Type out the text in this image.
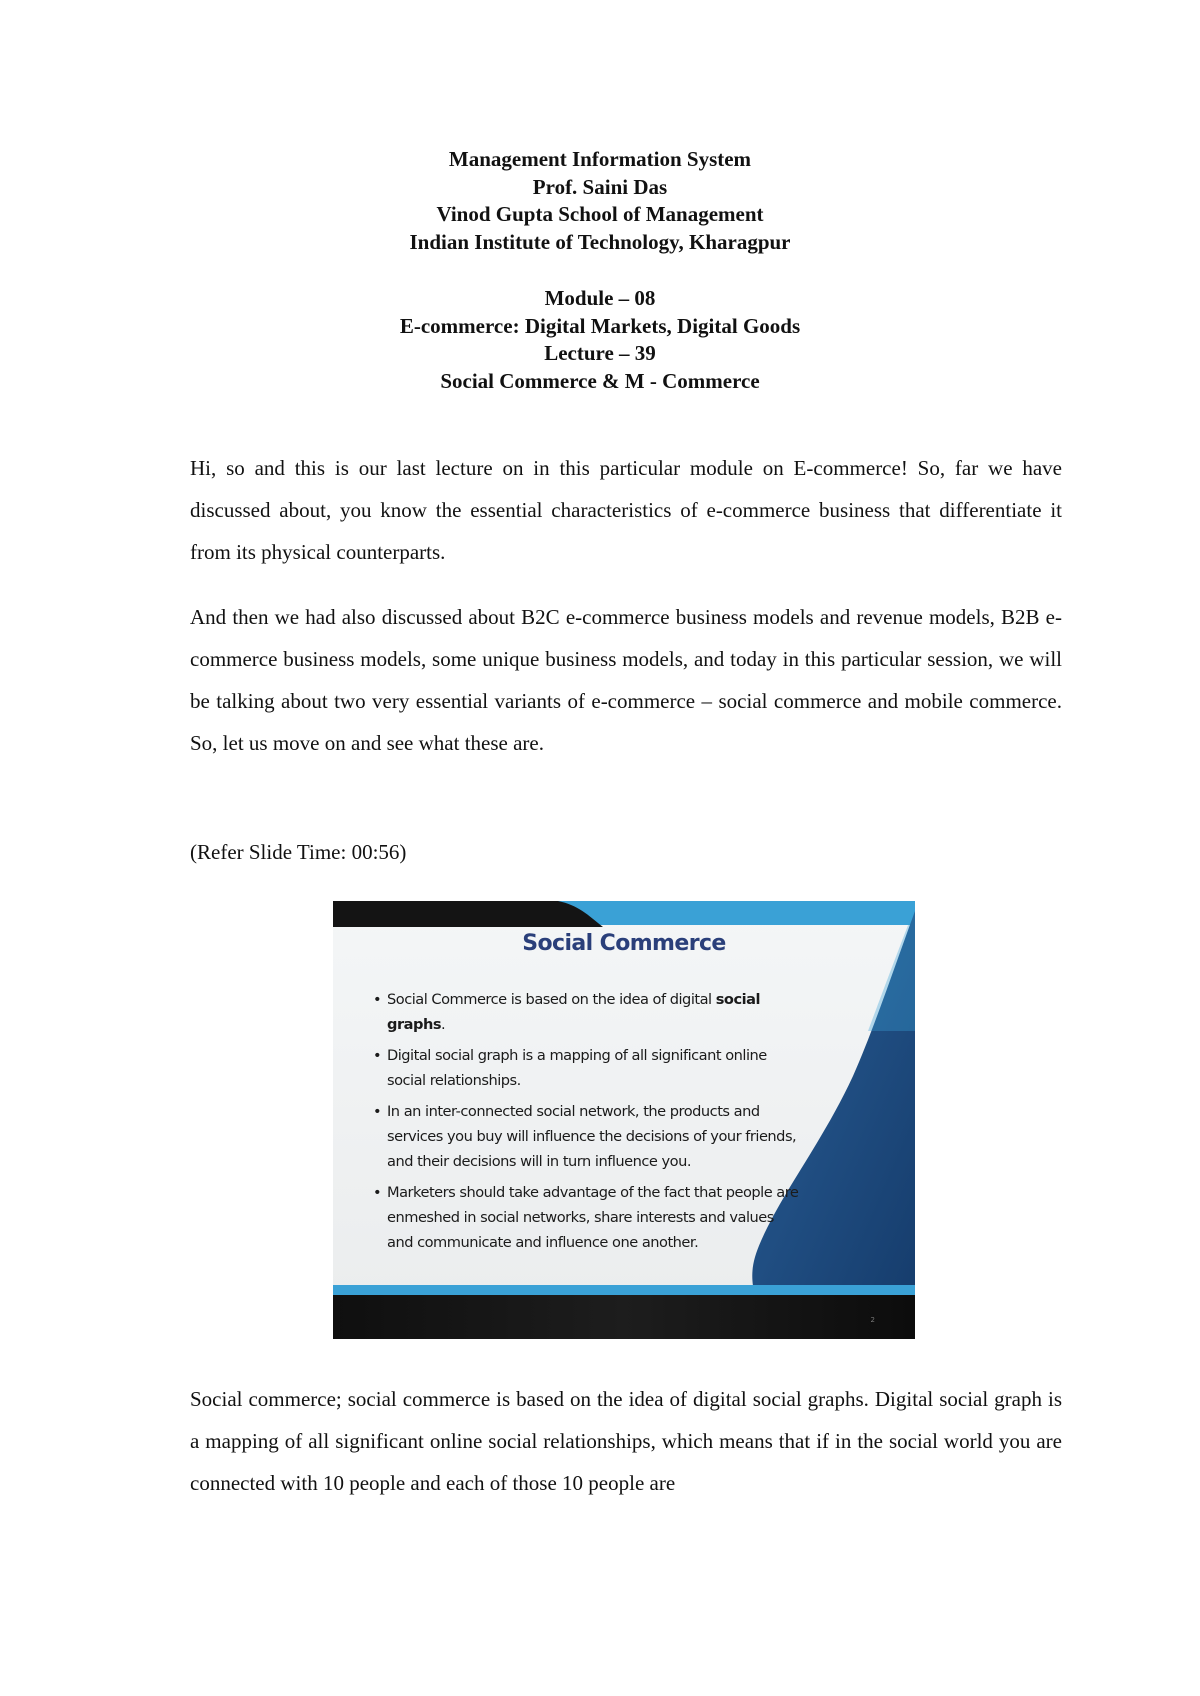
Management Information System
Prof. Saini Das
Vinod Gupta School of Management
Indian Institute of Technology, Kharagpur
Module – 08
E-commerce: Digital Markets, Digital Goods
Lecture – 39
Social Commerce & M - Commerce

Hi, so and this is our last lecture on in this particular module on E-commerce! So, far we have discussed about, you know the essential characteristics of e-commerce business that differentiate it from its physical counterparts.

And then we had also discussed about B2C e-commerce business models and revenue models, B2B e-commerce business models, some unique business models, and today in this particular session, we will be talking about two very essential variants of e-commerce – social commerce and mobile commerce. So, let us move on and see what these are.

(Refer Slide Time: 00:56)

Social Commerce
• Social Commerce is based on the idea of digital social graphs.
• Digital social graph is a mapping of all significant online social relationships.
• In an inter-connected social network, the products and services you buy will influence the decisions of your friends, and their decisions will in turn influence you.
• Marketers should take advantage of the fact that people are enmeshed in social networks, share interests and values and communicate and influence one another.
2

Social commerce; social commerce is based on the idea of digital social graphs. Digital social graph is a mapping of all significant online social relationships, which means that if in the social world you are connected with 10 people and each of those 10 people are
